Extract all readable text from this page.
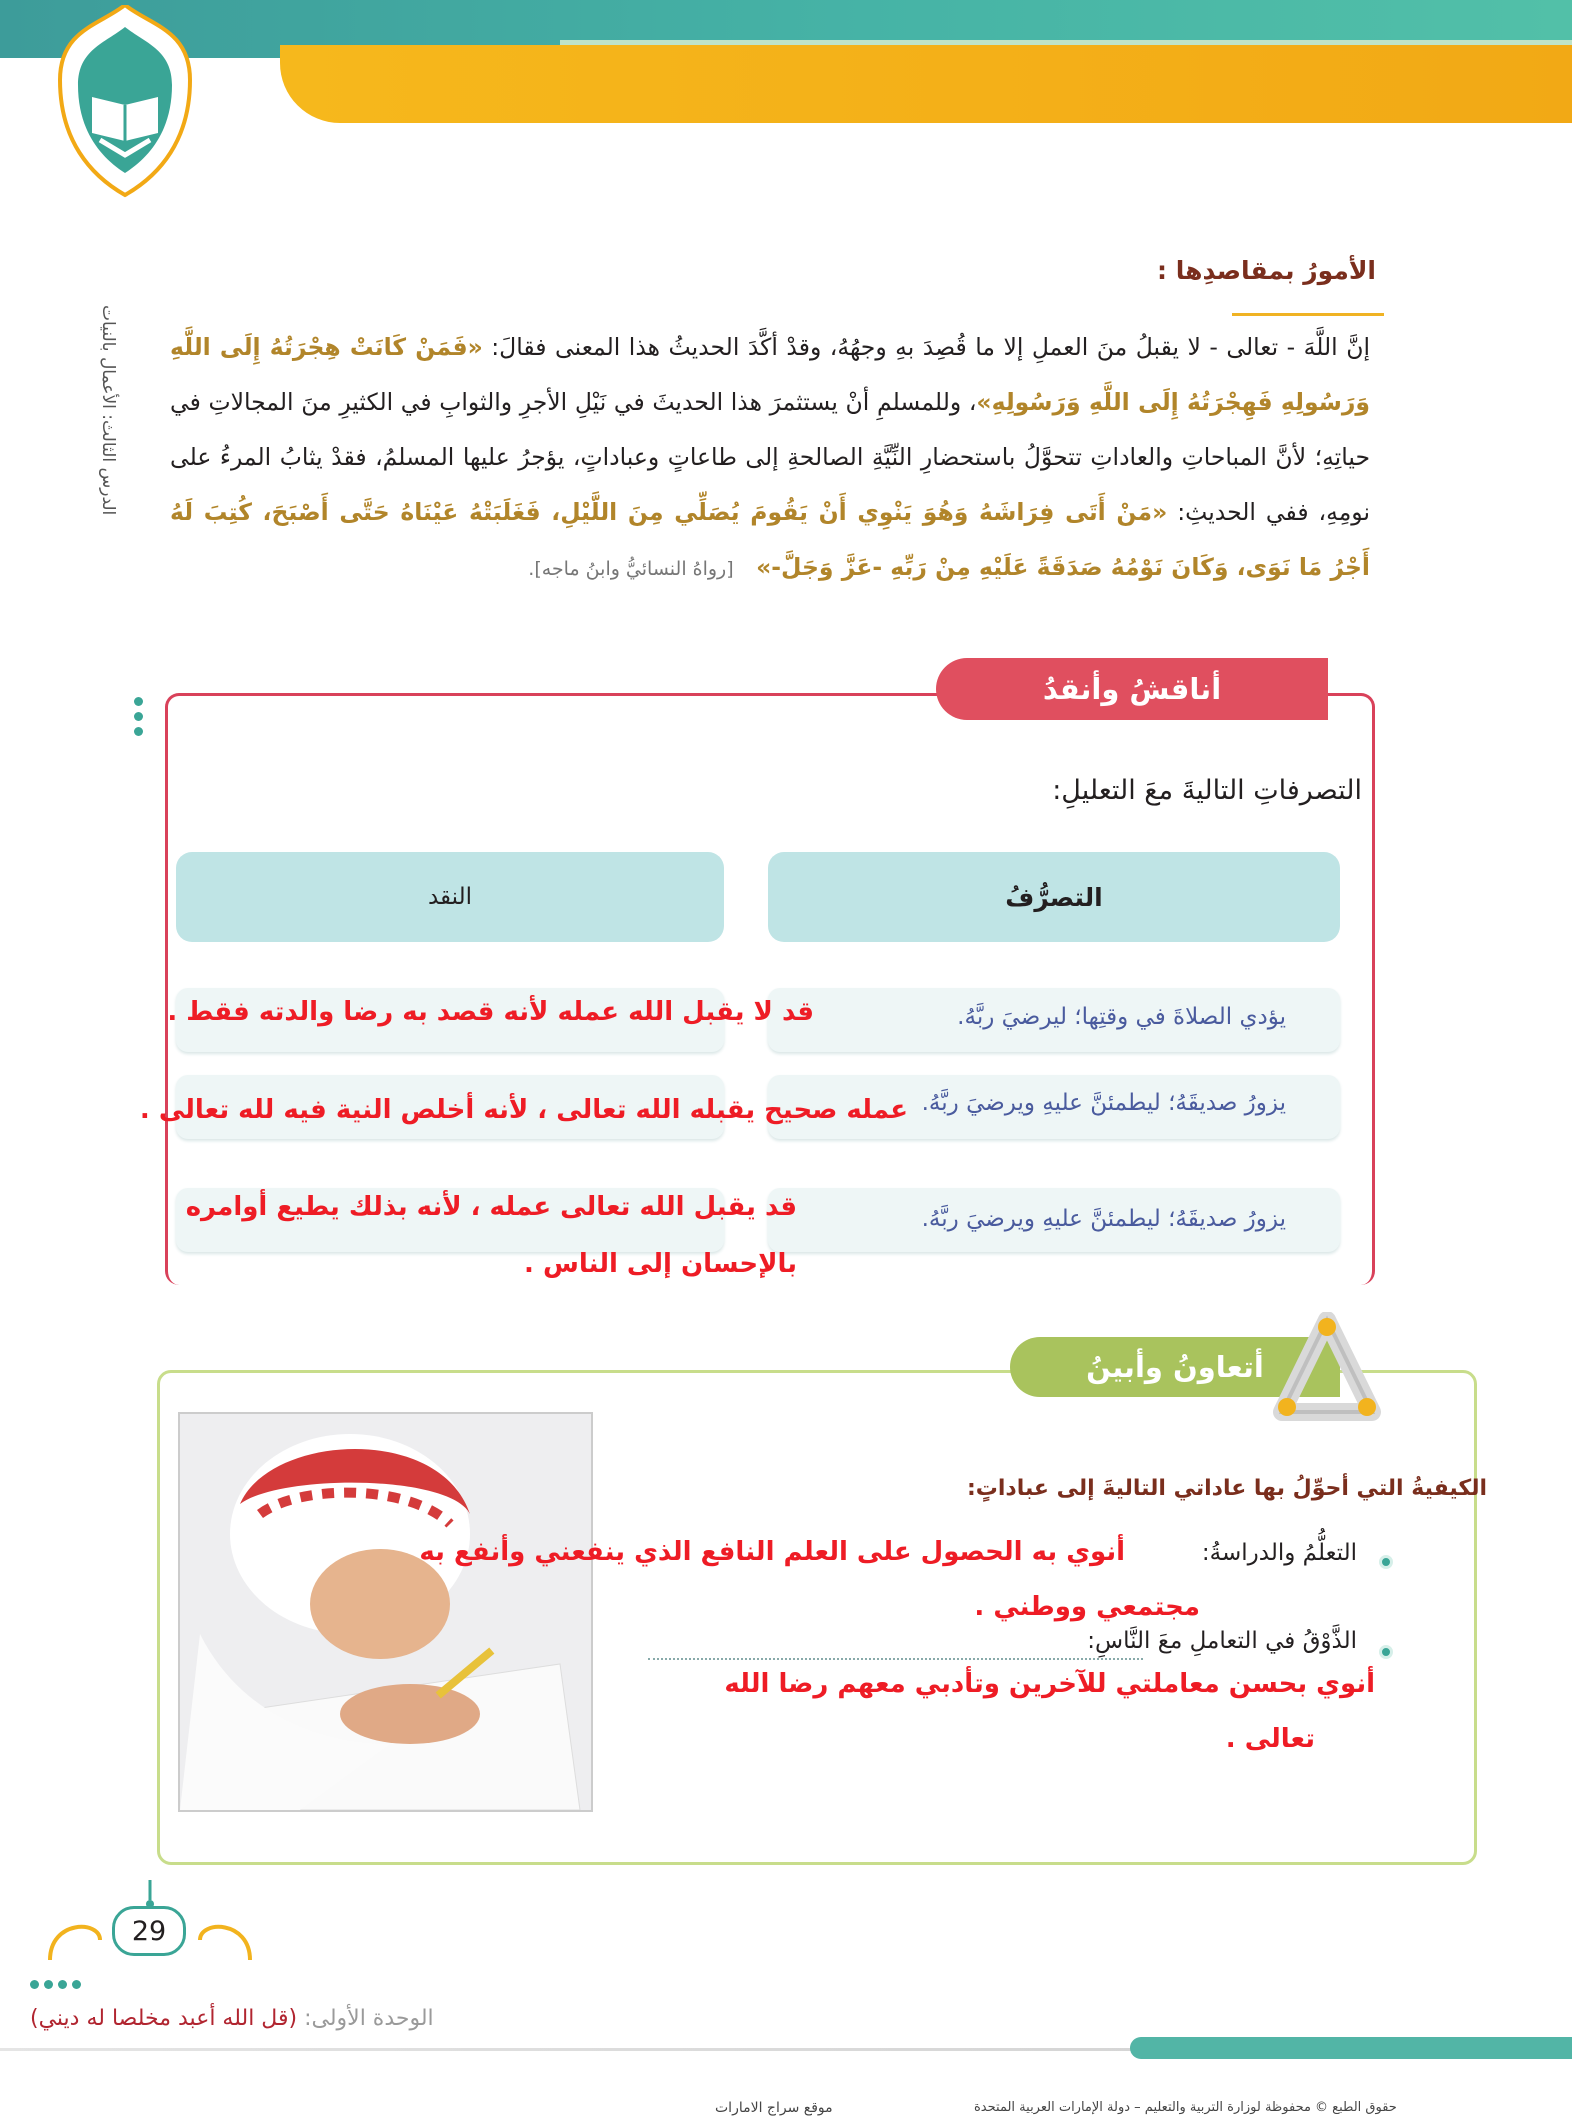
الدرس الثالث: الأعمال بالنيات
الأمورُ بمقاصدِها :
إنَّ اللَّهَ - تعالى - لا يقبلُ منَ العملِ إلا ما قُصِدَ بهِ وجهُهُ، وقدْ أكَّدَ الحديثُ هذا المعنى فقالَ: «فَمَنْ كَانَتْ هِجْرَتُهُ إِلَى اللَّهِ وَرَسُولِهِ فَهِجْرَتُهُ إِلَى اللَّهِ وَرَسُولِهِ»، وللمسلمِ أنْ يستثمرَ هذا الحديثَ في نَيْلِ الأجرِ والثوابِ في الكثيرِ منَ المجالاتِ في حياتِهِ؛ لأنَّ المباحاتِ والعاداتِ تتحوَّلُ باستحضارِ النِّيَّةِ الصالحةِ إلى طاعاتٍ وعباداتٍ، يؤجرُ عليها المسلمُ، فقدْ يثابُ المرءُ على نومِهِ، ففي الحديثِ: «مَنْ أَتَى فِرَاشَهُ وَهُوَ يَنْوِي أَنْ يَقُومَ يُصَلِّي مِنَ اللَّيْلِ، فَغَلَبَتْهُ عَيْنَاهُ حَتَّى أَصْبَحَ، كُتِبَ لَهُ أَجْرُ مَا نَوَى، وَكَانَ نَوْمُهُ صَدَقَةً عَلَيْهِ مِنْ رَبِّهِ -عَزَّ وَجَلَّ-»   [رواهُ النسائيُّ وابنُ ماجه].
أناقشُ وأنقدُ
التصرفاتِ التاليةَ معَ التعليلِ:
التصرُّفُ
النقد
يؤدي الصلاةَ في وقتِها؛ ليرضيَ ربَّهُ.
يزورُ صديقَهُ؛ ليطمئنَّ عليهِ ويرضيَ ربَّهُ.
يزورُ صديقَهُ؛ ليطمئنَّ عليهِ ويرضيَ ربَّهُ.
قد لا يقبل الله عمله لأنه قصد به رضا والدته فقط .
عمله صحيح يقبله الله تعالى ، لأنه أخلص النية فيه لله تعالى .
قد يقبل الله تعالى عمله ، لأنه بذلك يطيع أوامره
بالإحسان إلى الناس .
أتعاونُ وأبينُ
الكيفيةُ التي أحوِّلُ بها عاداتي التاليةَ إلى عباداتٍ:
التعلُّمُ والدراسةُ:
أنوي به الحصول على العلم النافع الذي ينفعني وأنفع به
مجتمعي ووطني .
الذَّوْقُ في التعاملِ معَ النَّاسِ:
أنوي بحسن معاملتي للآخرين وتأدبي معهم رضا الله
تعالى .
29
الوحدة الأولى: (قل الله أعبد مخلصا له ديني)
حقوق الطبع © محفوظة لوزارة التربية والتعليم – دولة الإمارات العربية المتحدة
موقع سراج الامارات
